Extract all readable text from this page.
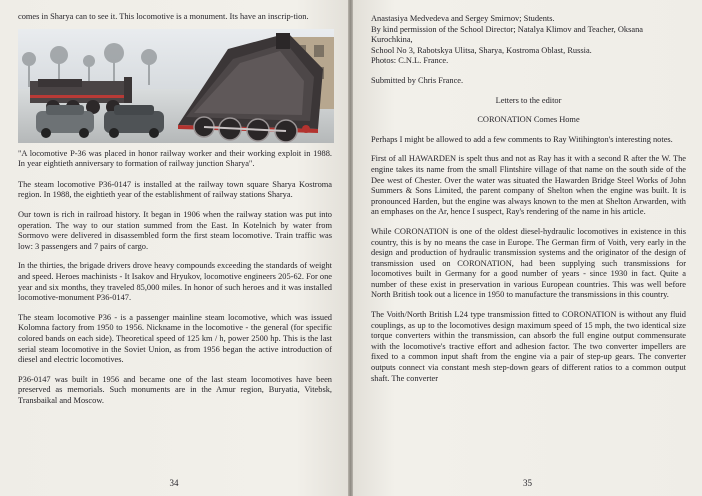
comes in Sharya can to see it. This locomotive is a monument. Its have an inscrip-tion.

"A locomotive P-36 was placed in honor railway worker and their working exploit in 1988. In year eightieth anniversary to formation of railway junction Sharya".

The steam locomotive P36-0147 is installed at the railway town square Sharya Kostroma region. In 1988, the eightieth year of the establishment of railway stations Sharya.

Our town is rich in railroad history. It began in 1906 when the railway station was put into operation. The way to our station summed from the East. In Kotelnich by water from Sormovo were delivered in disassembled form the first steam locomotive. Train traffic was low: 3 passengers and 7 pairs of cargo.

In the thirties, the brigade drivers drove heavy compounds exceeding the standards of weight and speed. Heroes machinists - It Isakov and Hryukov, locomotive engineers 205-62. For one year and six months, they traveled 85,000 miles. In honor of such heroes and it was installed locomotive-monument P36-0147.

The steam locomotive P36 - is a passenger mainline steam locomotive, which was issued Kolomna factory from 1950 to 1956. Nickname in the locomotive - the general (for specific colored bands on each side). Theoretical speed of 125 km / h, power 2500 hp. This is the last serial steam locomotive in the Soviet Union, as from 1956 began the active introduction of diesel and electric locomotives.

P36-0147 was built in 1956 and became one of the last steam locomotives have been preserved as memorials. Such monuments are in the Amur region, Buryatia, Vitebsk, Transbaikal and Moscow.

34

Anastasiya Medvedeva and Sergey Smirnov; Students.

By kind permission of the School Director; Natalya Klimov and Teacher, Oksana Kurochkina,

School No 3, Rabotskya Ulitsa, Sharya, Kostroma Oblast, Russia.

Photos: C.N.L. France.

Submitted by Chris France.

Letters to the editor

CORONATION Comes Home

Perhaps I might be allowed to add a few comments to Ray Witihington's interesting notes.

First of all HAWARDEN is spelt thus and not as Ray has it with a second R after the W. The engine takes its name from the small Flintshire village of that name on the south side of the Dee west of Chester. Over the water was situated the Hawarden Bridge Steel Works of John Summers & Sons Limited, the parent company of Shelton when the engine was built. It is pronounced Harden, but the engine was always known to the men at Shelton Arwarden, with an emphases on the Ar, hence I suspect, Ray's rendering of the name in his article.

While CORONATION is one of the oldest diesel-hydraulic locomotives in existence in this country, this is by no means the case in Europe. The German firm of Voith, very early in the design and production of hydraulic transmission systems and the originator of the design of transmission used on CORONATION, had been supplying such transmissions for locomotives built in Germany for a good number of years - since 1930 in fact. Quite a number of these exist in preservation in various European countries. This was well before North British took out a licence in 1950 to manufacture the transmissions in this country.

The Voith/North British L24 type transmission fitted to CORONATION is without any fluid couplings, as up to the locomotives design maximum speed of 15 mph, the two identical size torque converters within the transmission, can absorb the full engine output commensurate with the locomotive's tractive effort and adhesion factor. The two converter impellers are fixed to a common input shaft from the engine via a pair of step-up gears. The converter outputs connect via constant mesh step-down gears of different ratios to a common output shaft. The converter

35
